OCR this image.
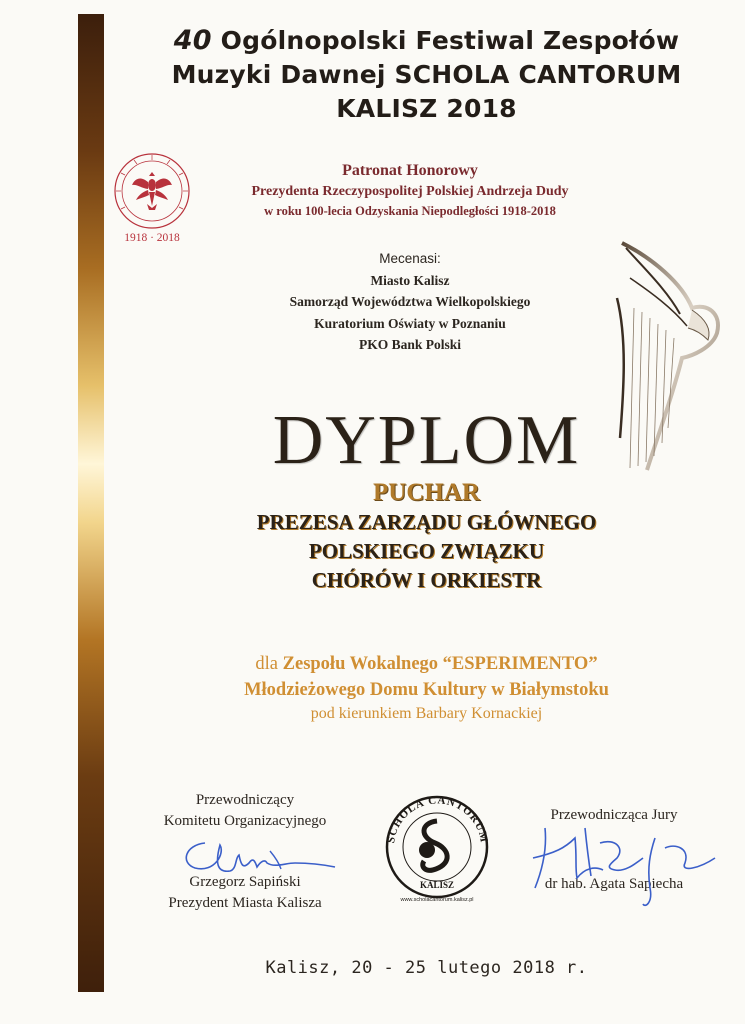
40 Ogólnopolski Festiwal Zespołów
Muzyki Dawnej SCHOLA CANTORUM
KALISZ 2018
1918 · 2018
Patronat Honorowy
Prezydenta Rzeczypospolitej Polskiej Andrzeja Dudy
w roku 100-lecia Odzyskania Niepodległości 1918-2018
Mecenasi:
Miasto Kalisz
Samorząd Województwa Wielkopolskiego
Kuratorium Oświaty w Poznaniu
PKO Bank Polski
DYPLOM
PUCHAR
PREZESA ZARZĄDU GŁÓWNEGO
POLSKIEGO ZWIĄZKU
CHÓRÓW I ORKIESTR
dla Zespołu Wokalnego “ESPERIMENTO”
Młodzieżowego Domu Kultury w Białymstoku
pod kierunkiem Barbary Kornackiej
Przewodniczący
Komitetu Organizacyjnego
Grzegorz Sapiński
Prezydent Miasta Kalisza
Przewodnicząca Jury
dr hab. Agata Sapiecha
SCHOLA CANTORUM
KALISZ
www.scholacantorum.kalisz.pl
Kalisz, 20 - 25 lutego 2018 r.
